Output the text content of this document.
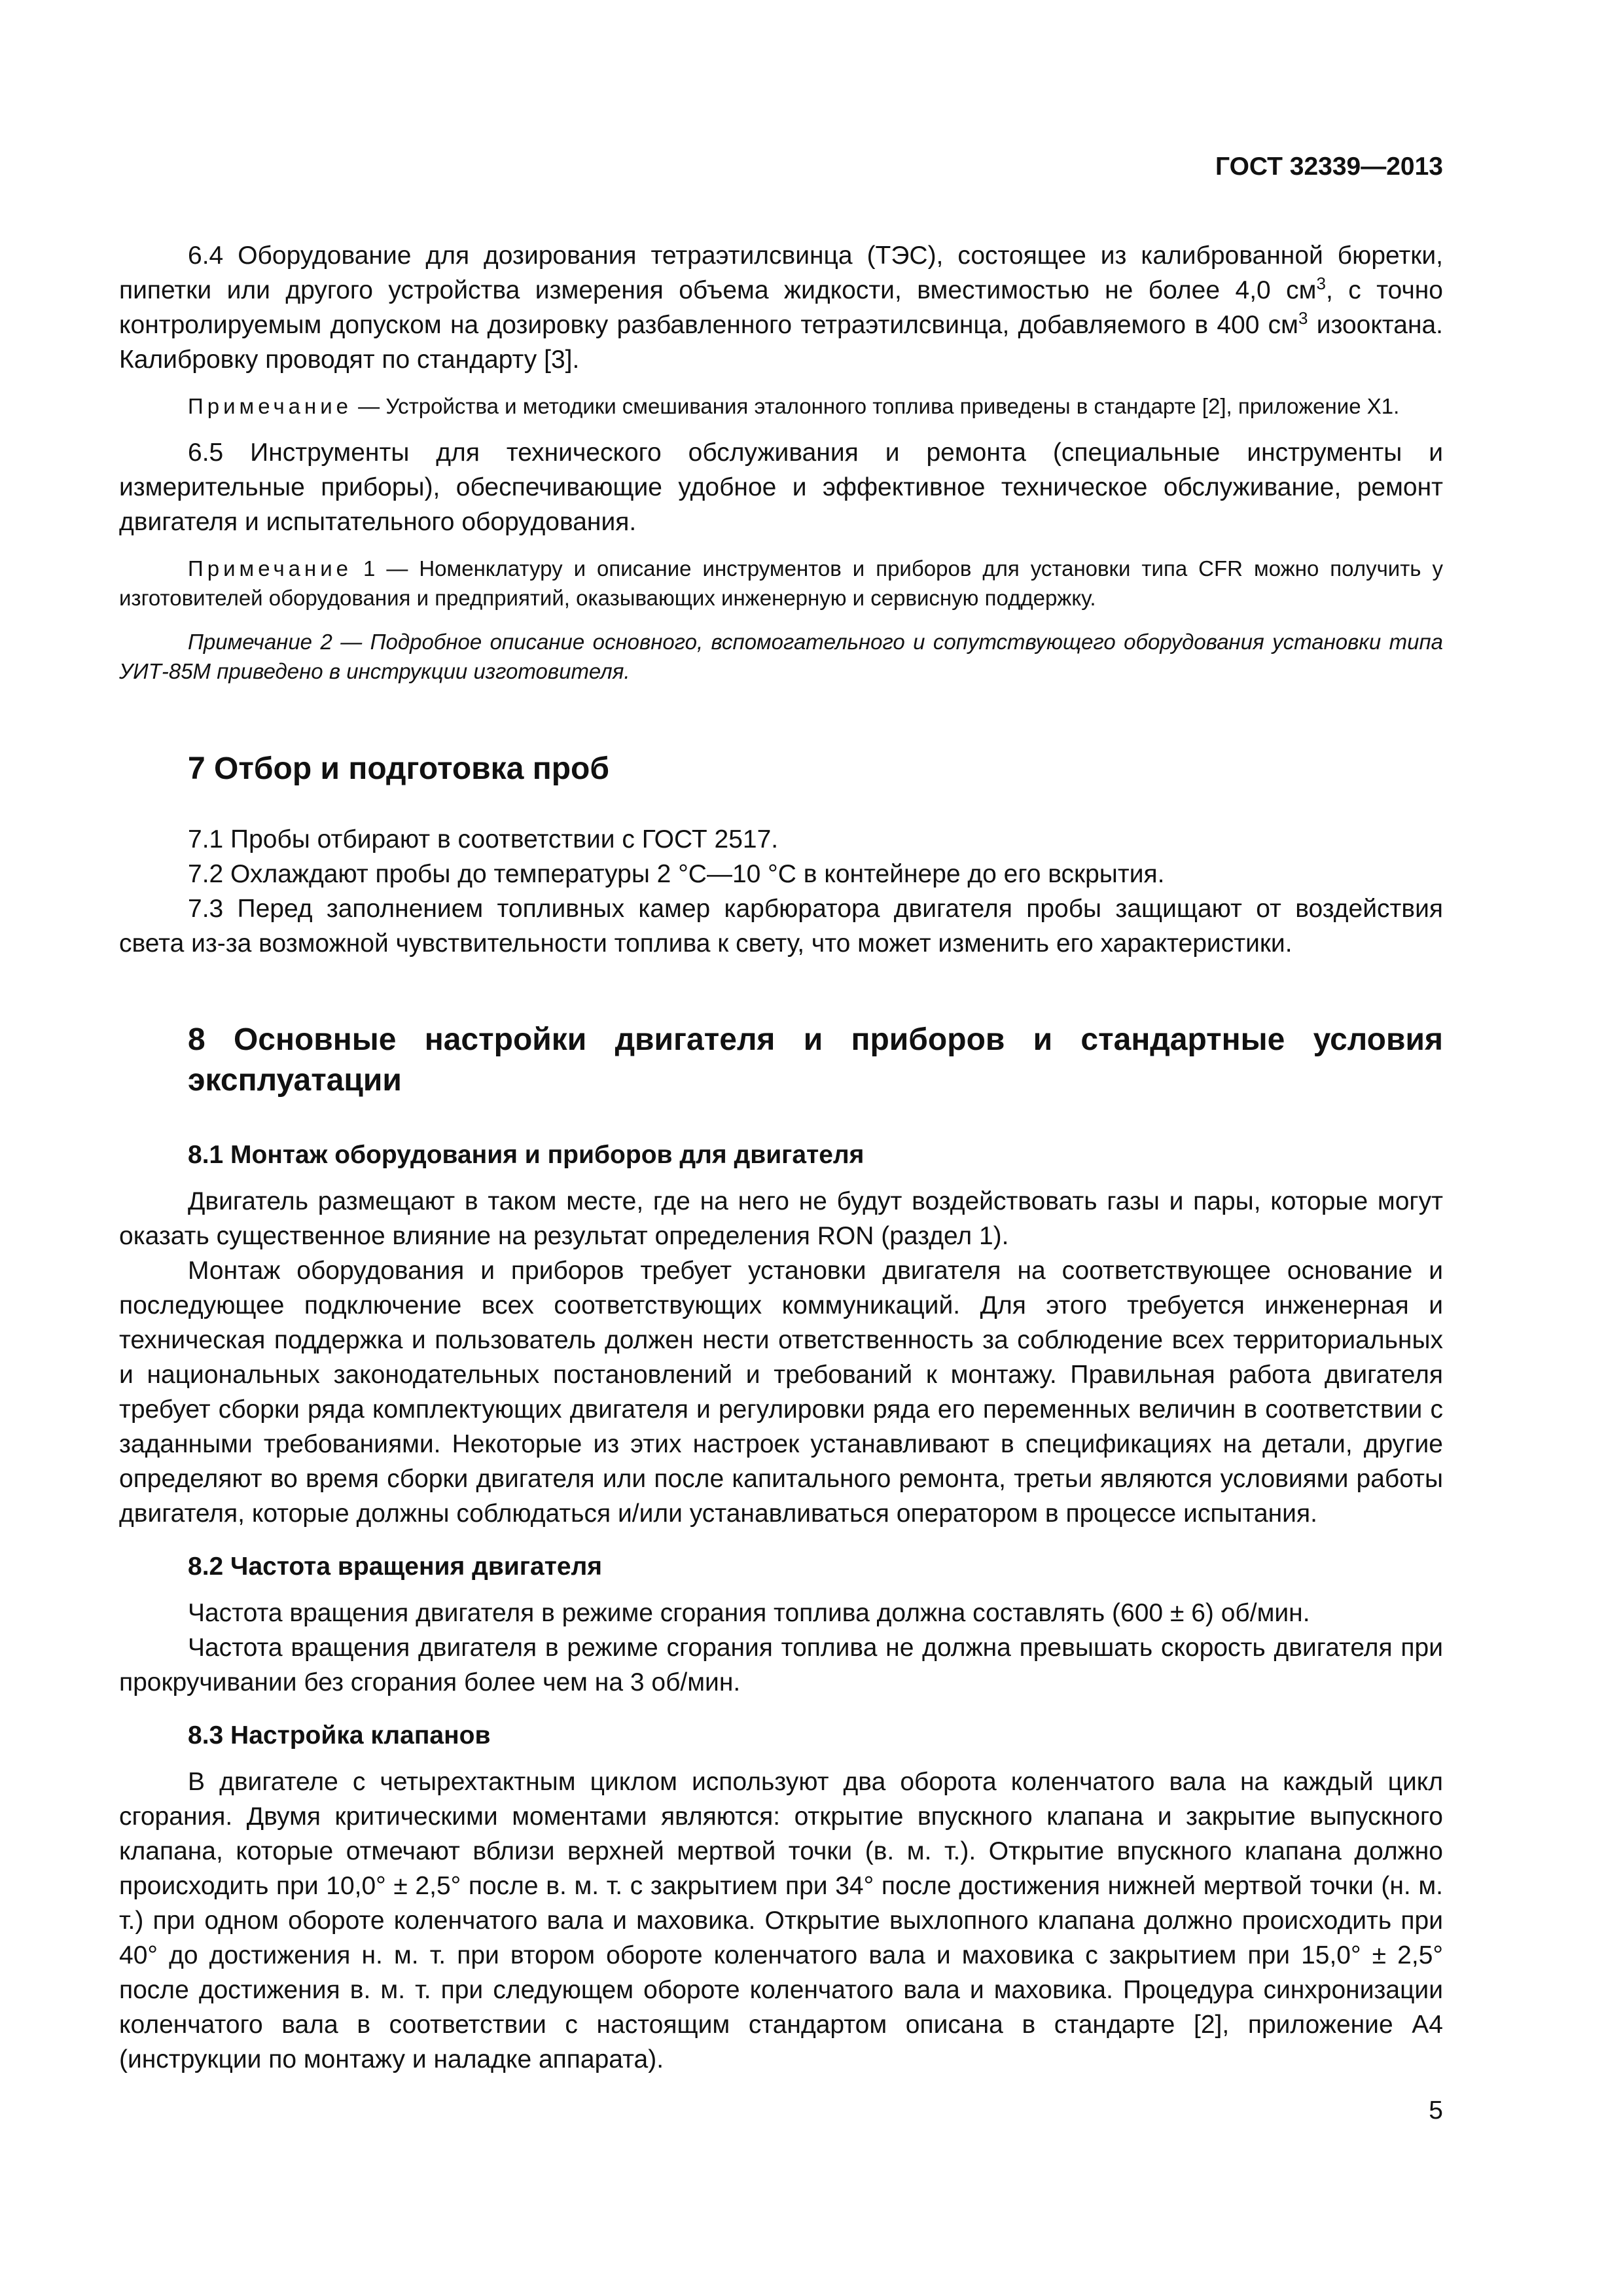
ГОСТ 32339—2013

6.4 Оборудование для дозирования тетраэтилсвинца (ТЭС), состоящее из калиброванной бюретки, пипетки или другого устройства измерения объема жидкости, вместимостью не более 4,0 $см^3$, с точно контролируемым допуском на дозировку разбавленного тетраэтилсвинца, добавляемого в 400 $см^3$ изооктана. Калибровку проводят по стандарту [3].

Примечание — Устройства и методики смешивания эталонного топлива приведены в стандарте [2], приложение Х1.

6.5 Инструменты для технического обслуживания и ремонта (специальные инструменты и измерительные приборы), обеспечивающие удобное и эффективное техническое обслуживание, ремонт двигателя и испытательного оборудования.

Примечание 1 — Номенклатуру и описание инструментов и приборов для установки типа CFR можно получить у изготовителей оборудования и предприятий, оказывающих инженерную и сервисную поддержку.

Примечание 2 — Подробное описание основного, вспомогательного и сопутствующего оборудования установки типа УИТ-85М приведено в инструкции изготовителя.

7 Отбор и подготовка проб

7.1 Пробы отбирают в соответствии с ГОСТ 2517.

7.2 Охлаждают пробы до температуры 2 °С—10 °С в контейнере до его вскрытия.

7.3 Перед заполнением топливных камер карбюратора двигателя пробы защищают от воздействия света из-за возможной чувствительности топлива к свету, что может изменить его характеристики.

8 Основные настройки двигателя и приборов и стандартные условия эксплуатации
8.1 Монтаж оборудования и приборов для двигателя

Двигатель размещают в таком месте, где на него не будут воздействовать газы и пары, которые могут оказать существенное влияние на результат определения RON (раздел 1).

Монтаж оборудования и приборов требует установки двигателя на соответствующее основание и последующее подключение всех соответствующих коммуникаций. Для этого требуется инженерная и техническая поддержка и пользователь должен нести ответственность за соблюдение всех территориальных и национальных законодательных постановлений и требований к монтажу. Правильная работа двигателя требует сборки ряда комплектующих двигателя и регулировки ряда его переменных величин в соответствии с заданными требованиями. Некоторые из этих настроек устанавливают в спецификациях на детали, другие определяют во время сборки двигателя или после капитального ремонта, третьи являются условиями работы двигателя, которые должны соблюдаться и/или устанавливаться оператором в процессе испытания.

8.2 Частота вращения двигателя

Частота вращения двигателя в режиме сгорания топлива должна составлять (600 ± 6) об/мин.

Частота вращения двигателя в режиме сгорания топлива не должна превышать скорость двигателя при прокручивании без сгорания более чем на 3 об/мин.

8.3 Настройка клапанов

В двигателе с четырехтактным циклом используют два оборота коленчатого вала на каждый цикл сгорания. Двумя критическими моментами являются: открытие впускного клапана и закрытие выпускного клапана, которые отмечают вблизи верхней мертвой точки (в. м. т.). Открытие впускного клапана должно происходить при 10,0° ± 2,5° после в. м. т. с закрытием при 34° после достижения нижней мертвой точки (н. м. т.) при одном обороте коленчатого вала и маховика. Открытие выхлопного клапана должно происходить при 40° до достижения н. м. т. при втором обороте коленчатого вала и маховика с закрытием при 15,0° ± 2,5° после достижения в. м. т. при следующем обороте коленчатого вала и маховика. Процедура синхронизации коленчатого вала в соответствии с настоящим стандартом описана в стандарте [2], приложение А4 (инструкции по монтажу и наладке аппарата).

5
